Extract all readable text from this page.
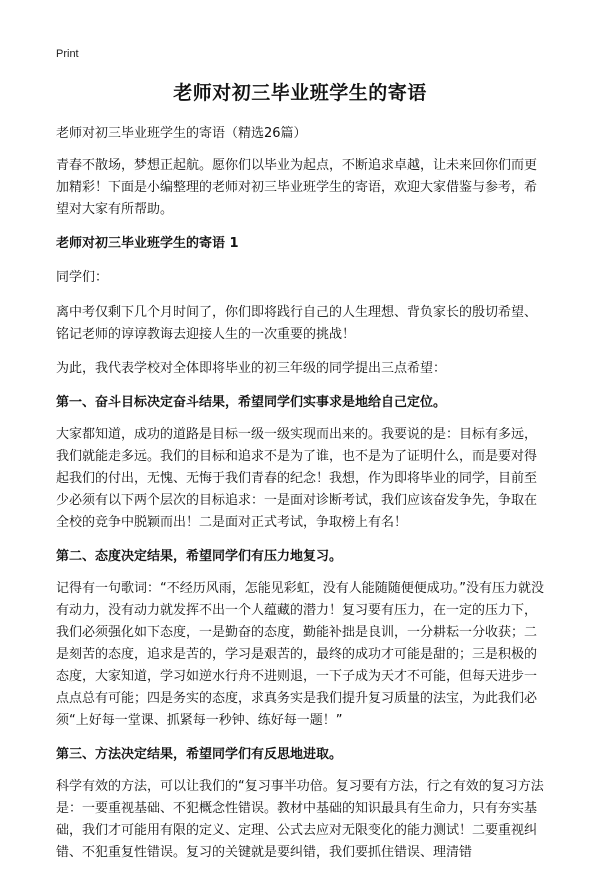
Print
老师对初三毕业班学生的寄语

老师对初三毕业班学生的寄语（精选26篇）

青春不散场，梦想正起航。愿你们以毕业为起点，不断追求卓越，让未来回你们而更加精彩！下面是小编整理的老师对初三毕业班学生的寄语，欢迎大家借鉴与参考，希望对大家有所帮助。

老师对初三毕业班学生的寄语 1

同学们：

离中考仅剩下几个月时间了，你们即将践行自己的人生理想、背负家长的殷切希望、铭记老师的谆谆教诲去迎接人生的一次重要的挑战！

为此，我代表学校对全体即将毕业的初三年级的同学提出三点希望：

第一、奋斗目标决定奋斗结果，希望同学们实事求是地给自己定位。

大家都知道，成功的道路是目标一级一级实现而出来的。我要说的是：目标有多远，我们就能走多远。我们的目标和追求不是为了谁，也不是为了证明什么，而是要对得起我们的付出，无愧、无悔于我们青春的纪念！我想，作为即将毕业的同学，目前至少必须有以下两个层次的目标追求：一是面对诊断考试，我们应该奋发争先，争取在全校的竞争中脱颖而出！二是面对正式考试，争取榜上有名！

第二、态度决定结果，希望同学们有压力地复习。

记得有一句歌词：“不经历风雨，怎能见彩虹，没有人能随随便便成功。”没有压力就没有动力，没有动力就发挥不出一个人蕴藏的潜力！复习要有压力，在一定的压力下，我们必须强化如下态度，一是勤奋的态度，勤能补拙是良训，一分耕耘一分收获；二是刻苦的态度，追求是苦的，学习是艰苦的，最终的成功才可能是甜的；三是积极的态度，大家知道，学习如逆水行舟不进则退，一下子成为天才不可能，但每天进步一点点总有可能；四是务实的态度，求真务实是我们提升复习质量的法宝，为此我们必须“上好每一堂课、抓紧每一秒钟、练好每一题！”

第三、方法决定结果，希望同学们有反思地进取。

科学有效的方法，可以让我们的“复习事半功倍。复习要有方法，行之有效的复习方法是：一要重视基础、不犯概念性错误。教材中基础的知识最具有生命力，只有夯实基础，我们才可能用有限的定义、定理、公式去应对无限变化的能力测试！二要重视纠错、不犯重复性错误。复习的关键就是要纠错，我们要抓住错误、理清错
